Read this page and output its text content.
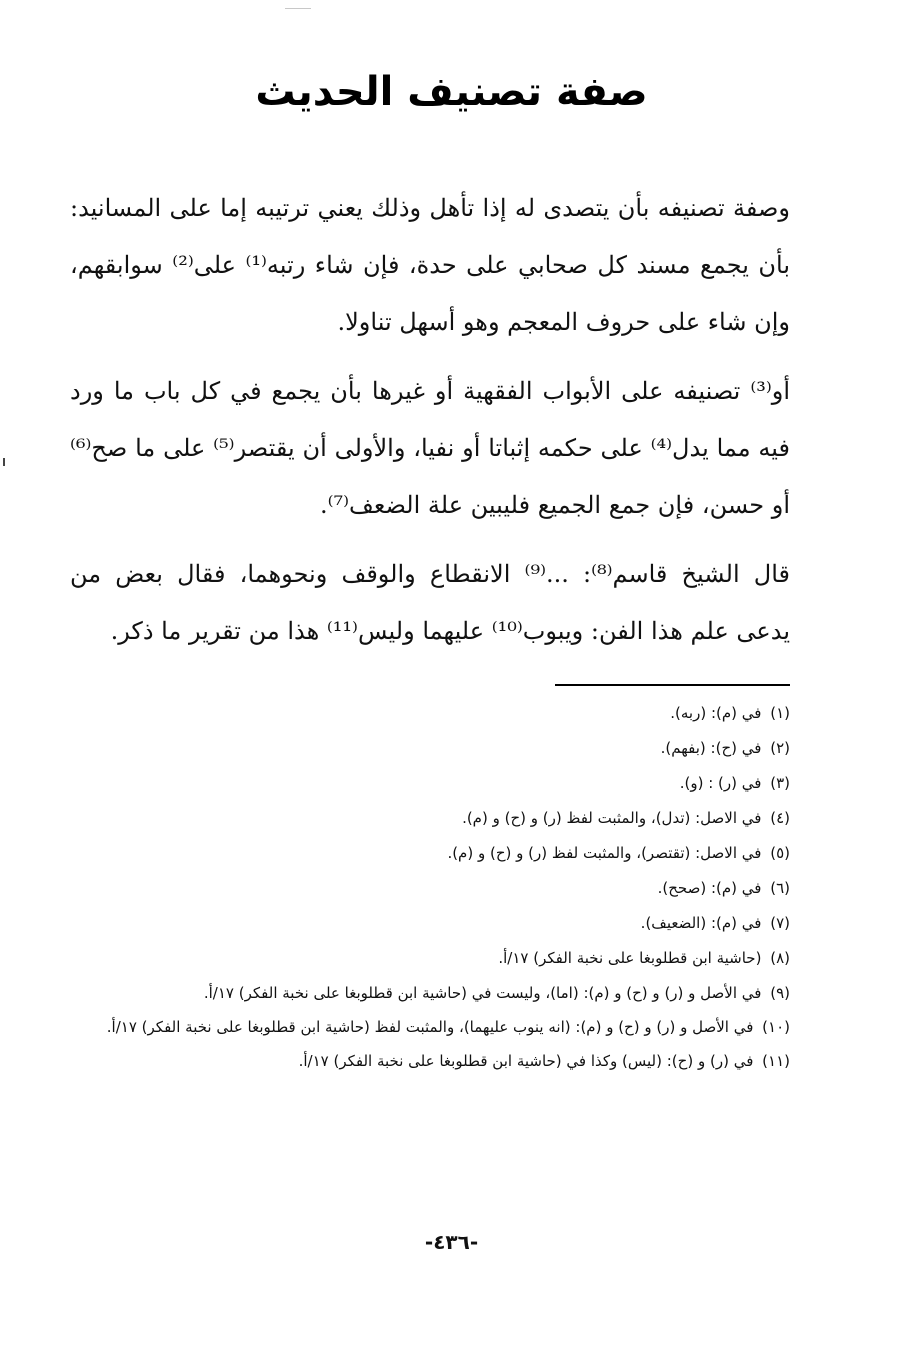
صفة تصنيف الحديث

وصفة تصنيفه بأن يتصدى له إذا تأهل وذلك يعني ترتيبه إما على المسانيد: بأن يجمع مسند كل صحابي على حدة، فإن شاء رتبه⁽¹⁾ على⁽²⁾ سوابقهم، وإن شاء على حروف المعجم وهو أسهل تناولا.

أو⁽³⁾ تصنيفه على الأبواب الفقهية أو غيرها بأن يجمع في كل باب ما ورد فيه مما يدل⁽⁴⁾ على حكمه إثباتا أو نفيا، والأولى أن يقتصر⁽⁵⁾ على ما صح⁽⁶⁾ أو حسن، فإن جمع الجميع فليبين علة الضعف⁽⁷⁾.

قال الشيخ قاسم⁽⁸⁾: ...⁽⁹⁾ الانقطاع والوقف ونحوهما، فقال بعض من يدعى علم هذا الفن: ويبوب⁽¹⁰⁾ عليهما وليس⁽¹¹⁾ هذا من تقرير ما ذكر.

(١) في (م): (ربه).

(٢) في (ح): (بفهم).

(٣) في (ر) : (و).

(٤) في الاصل: (تدل)، والمثبت لفظ (ر) و (ح) و (م).

(٥) في الاصل: (تقتصر)، والمثبت لفظ (ر) و (ح) و (م).

(٦) في (م): (صحح).

(٧) في (م): (الضعيف).

(٨) (حاشية ابن قطلوبغا على نخبة الفكر) ١٧/أ.

(٩) في الأصل و (ر) و (ح) و (م): (اما)، وليست في (حاشية ابن قطلوبغا على نخبة الفكر) ١٧/أ.

(١٠) في الأصل و (ر) و (ح) و (م): (انه ينوب عليهما)، والمثبت لفظ (حاشية ابن قطلوبغا على نخبة الفكر) ١٧/أ.

(١١) في (ر) و (ح): (ليس) وكذا في (حاشية ابن قطلوبغا على نخبة الفكر) ١٧/أ.

-٤٣٦-
